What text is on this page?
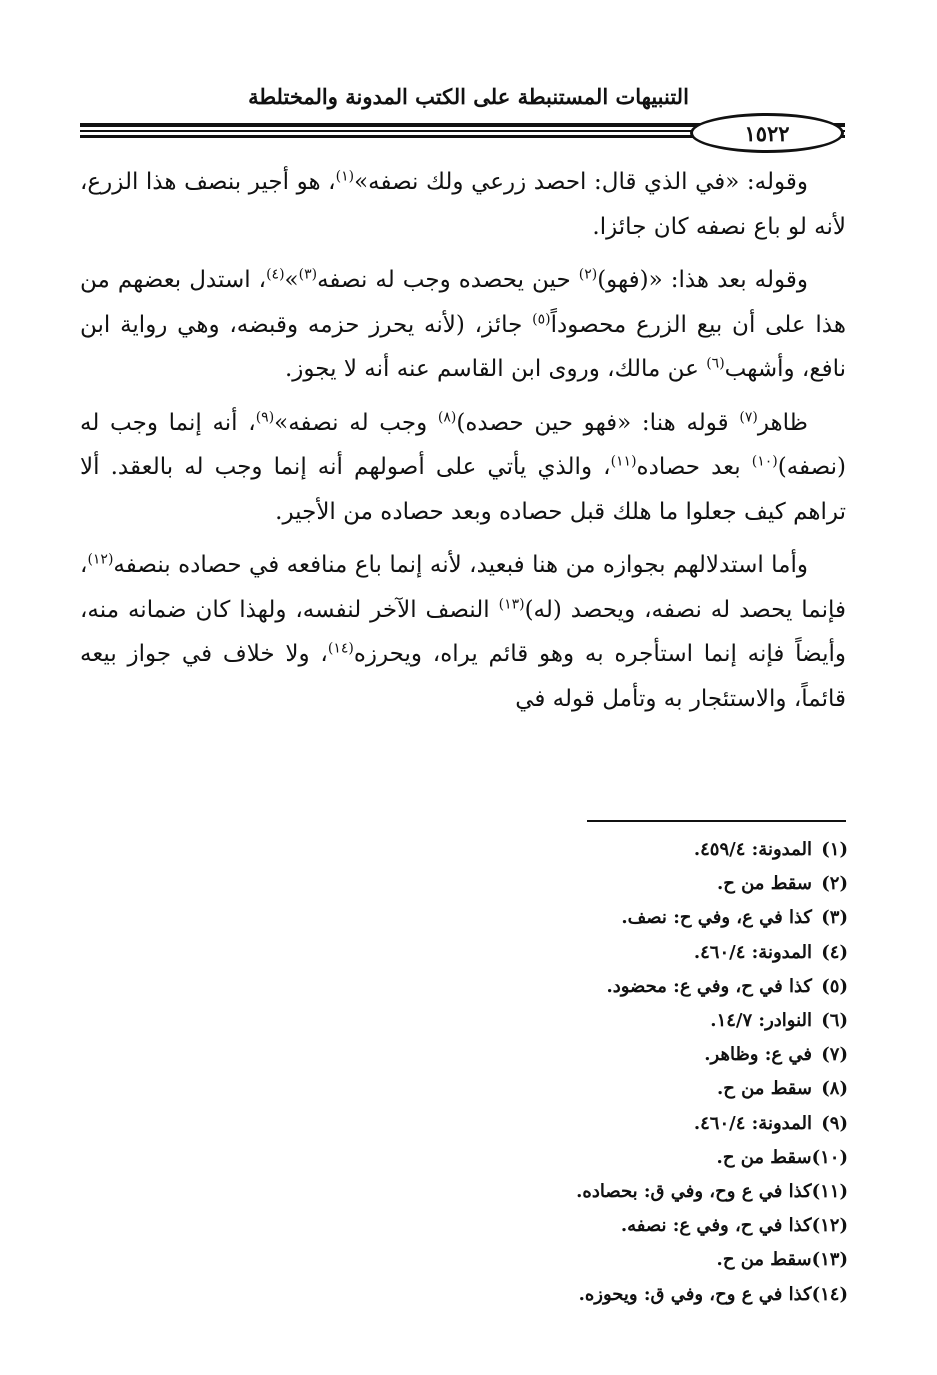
التنبيهات المستنبطة على الكتب المدونة والمختلطة
١٥٢٢

وقوله: «في الذي قال: احصد زرعي ولك نصفه»$^{(١)}$، هو أجير بنصف هذا الزرع، لأنه لو باع نصفه كان جائزا.

وقوله بعد هذا: «(فهو)$^{(٢)}$ حين يحصده وجب له نصفه$^{(٣)}$»$^{(٤)}$، استدل بعضهم من هذا على أن بيع الزرع محصوداً$^{(٥)}$ جائز، (لأنه يحرز حزمه وقبضه، وهي رواية ابن نافع، وأشهب$^{(٦)}$ عن مالك، وروى ابن القاسم عنه أنه لا يجوز.

ظاهر$^{(٧)}$ قوله هنا: «فهو حين حصده)$^{(٨)}$ وجب له نصفه»$^{(٩)}$، أنه إنما وجب له (نصفه)$^{(١٠)}$ بعد حصاده$^{(١١)}$، والذي يأتي على أصولهم أنه إنما وجب له بالعقد. ألا تراهم كيف جعلوا ما هلك قبل حصاده وبعد حصاده من الأجير.

وأما استدلالهم بجوازه من هنا فبعيد، لأنه إنما باع منافعه في حصاده بنصفه$^{(١٢)}$، فإنما يحصد له نصفه، ويحصد (له)$^{(١٣)}$ النصف الآخر لنفسه، ولهذا كان ضمانه منه، وأيضاً فإنه إنما استأجره به وهو قائم يراه، ويحرزه$^{(١٤)}$، ولا خلاف في جواز بيعه قائماً، والاستئجار به وتأمل قوله في

(١)
المدونة: ٤٥٩/٤.
(٢)
سقط من ح.
(٣)
كذا في ع، وفي ح: نصف.
(٤)
المدونة: ٤٦٠/٤.
(٥)
كذا في ح، وفي ع: محضود.
(٦)
النوادر: ١٤/٧.
(٧)
في ع: وظاهر.
(٨)
سقط من ح.
(٩)
المدونة: ٤٦٠/٤.
(١٠)
سقط من ح.
(١١)
كذا في ع وح، وفي ق: بحصاده.
(١٢)
كذا في ح، وفي ع: نصفه.
(١٣)
سقط من ح.
(١٤)
كذا في ع وح، وفي ق: ويحوزه.
